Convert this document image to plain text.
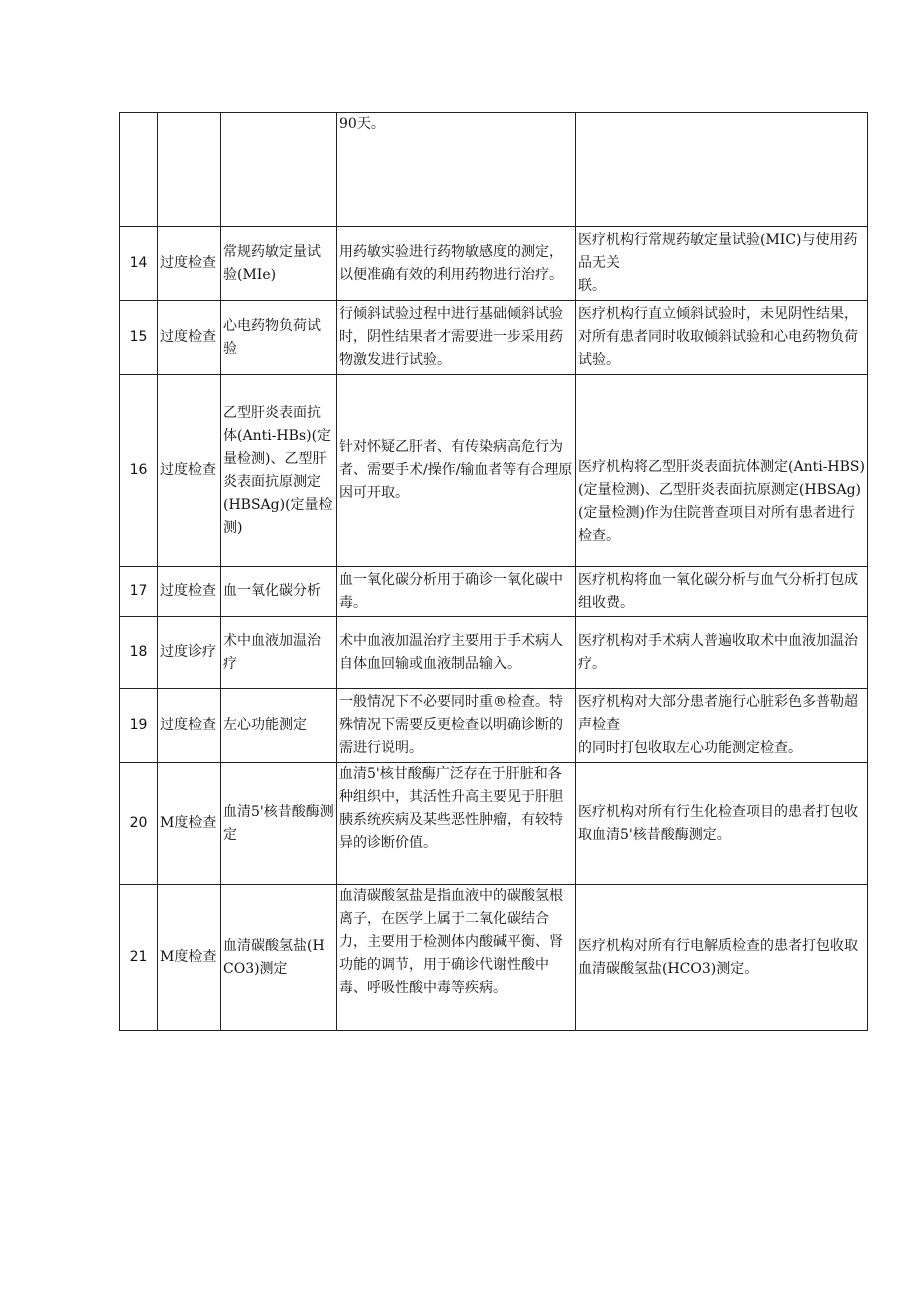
			90天。	
14	过度检查	常规药敏定量试验(MIe)	用药敏实验进行药物敏感度的测定，以便准确有效的利用药物进行治疗。	医疗机构行常规药敏定量试验(MIC)与使用药品无关
联。

15	过度检查	心电药物负荷试验	行倾斜试验过程中进行基础倾斜试验时，阴性结果者才需要进一步采用药物激发进行试验。	医疗机构行直立倾斜试验时，未见阴性结果，对所有患者同时收取倾斜试验和心电药物负荷试验。
16	过度检查	乙型肝炎表面抗体(Anti-HBs)(定量检测)、乙型肝炎表面抗原测定(HBSAg)(定量检测)	针对怀疑乙肝者、有传染病高危行为者、需要手术/操作/输血者等有合理原因可开取。	医疗机构将乙型肝炎表面抗体测定(Anti-HBS)(定量检测)、乙型肝炎表面抗原测定(HBSAg)(定量检测)作为住院普查项目对所有患者进行检查。
17	过度检查	血一氧化碳分析	血一氧化碳分析用于确诊一氧化碳中毒。	医疗机构将血一氧化碳分析与血气分析打包成组收费。
18	过度诊疗	术中血液加温治疗	术中血液加温治疗主要用于手术病人自体血回输或血液制品输入。	医疗机构对手术病人普遍收取术中血液加温治疗。
19	过度检查	左心功能测定	一般情况下不必要同时重®检查。特殊情况下需要反更检查以明确诊断的需进行说明。	医疗机构对大部分患者施行心脏彩色多普勒超声检查
的同时打包收取左心功能测定检查。

20	M度检查	血清5'核昔酸酶测定	血清5'核甘酸酶广泛存在于肝脏和各种组织中，其活性升高主要见于肝胆胰系统疾病及某些恶性肿瘤，有较特异的诊断价值。	医疗机构对所有行生化检查项目的患者打包收取血清5'核昔酸酶测定。
21	M度检查	血清碳酸氢盐(HCO3)测定	血清碳酸氢盐是指血液中的碳酸氢根离子，在医学上属于二氧化碳结合力，主要用于检测体内酸碱平衡、肾功能的调节，用于确诊代谢性酸中毒、呼吸性酸中毒等疾病。	医疗机构对所有行电解质检查的患者打包收取血清碳酸氢盐(HCO3)测定。
